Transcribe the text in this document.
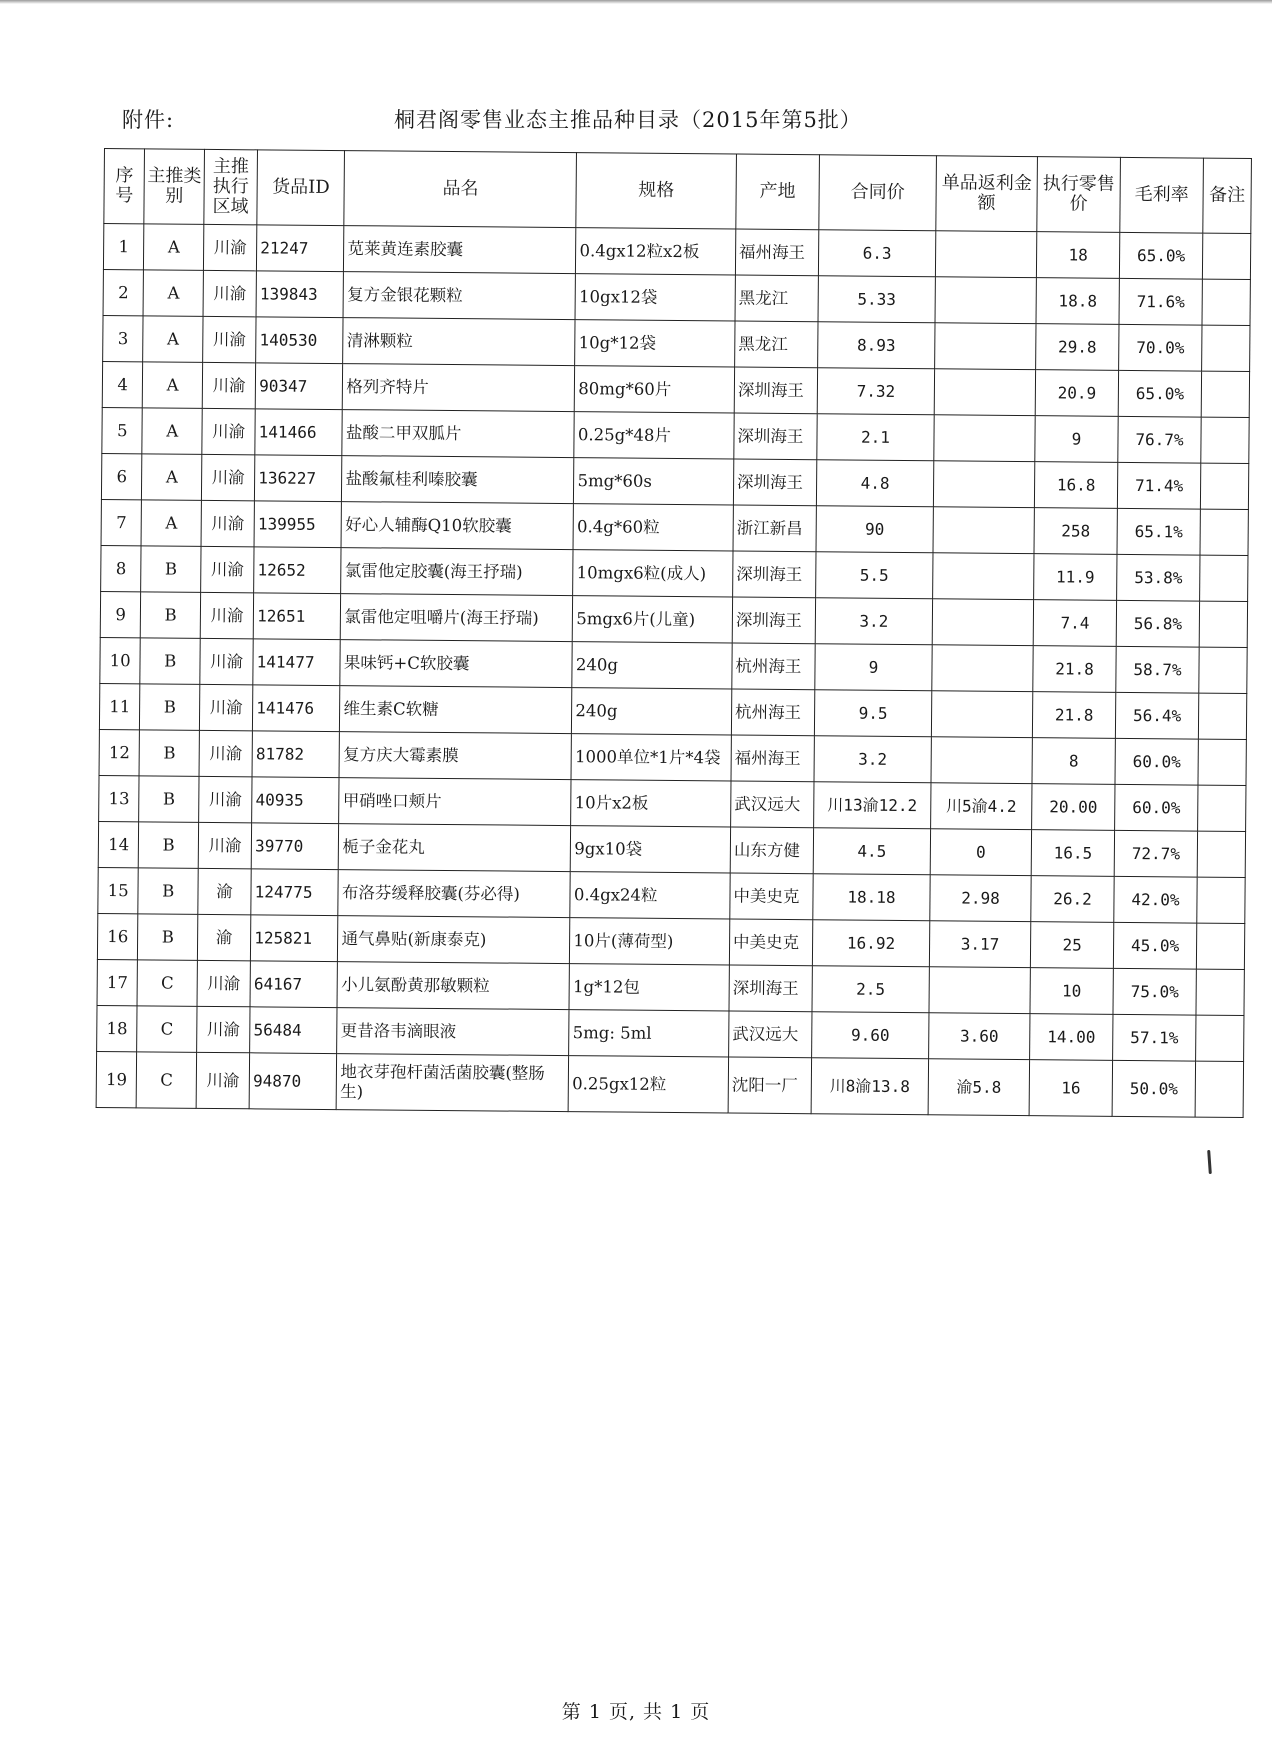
附件:	桐君阁零售业态主推品种目录（2015年第5批）
序号	主推类别	主推执行区域	货品ID	品名	规格	产地	合同价	单品返利金额	执行零售价	毛利率	备注
1	A	川渝	21247	苋莱黄连素胶囊	0.4gx12粒x2板	福州海王	6.3		18	65.0%	
2	A	川渝	139843	复方金银花颗粒	10gx12袋	黑龙江	5.33		18.8	71.6%	
3	A	川渝	140530	清淋颗粒	10g*12袋	黑龙江	8.93		29.8	70.0%	
4	A	川渝	90347	格列齐特片	80mg*60片	深圳海王	7.32		20.9	65.0%	
5	A	川渝	141466	盐酸二甲双胍片	0.25g*48片	深圳海王	2.1		9	76.7%	
6	A	川渝	136227	盐酸氟桂利嗪胶囊	5mg*60s	深圳海王	4.8		16.8	71.4%	
7	A	川渝	139955	好心人辅酶Q10软胶囊	0.4g*60粒	浙江新昌	90		258	65.1%	
8	B	川渝	12652	氯雷他定胶囊(海王抒瑞)	10mgx6粒(成人)	深圳海王	5.5		11.9	53.8%	
9	B	川渝	12651	氯雷他定咀嚼片(海王抒瑞)	5mgx6片(儿童)	深圳海王	3.2		7.4	56.8%	
10	B	川渝	141477	果味钙+C软胶囊	240g	杭州海王	9		21.8	58.7%	
11	B	川渝	141476	维生素C软糖	240g	杭州海王	9.5		21.8	56.4%	
12	B	川渝	81782	复方庆大霉素膜	1000单位*1片*4袋	福州海王	3.2		8	60.0%	
13	B	川渝	40935	甲硝唑口颊片	10片x2板	武汉远大	川13渝12.2	川5渝4.2	20.00	60.0%	
14	B	川渝	39770	栀子金花丸	9gx10袋	山东方健	4.5	0	16.5	72.7%	
15	B	渝	124775	布洛芬缓释胶囊(芬必得)	0.4gx24粒	中美史克	18.18	2.98	26.2	42.0%	
16	B	渝	125821	通气鼻贴(新康泰克)	10片(薄荷型)	中美史克	16.92	3.17	25	45.0%	
17	C	川渝	64167	小儿氨酚黄那敏颗粒	1g*12包	深圳海王	2.5		10	75.0%	
18	C	川渝	56484	更昔洛韦滴眼液	5mg: 5ml	武汉远大	9.60	3.60	14.00	57.1%	
19	C	川渝	94870	地衣芽孢杆菌活菌胶囊(整肠生)	0.25gx12粒	沈阳一厂	川8渝13.8	渝5.8	16	50.0%	
第 1 页, 共 1 页
